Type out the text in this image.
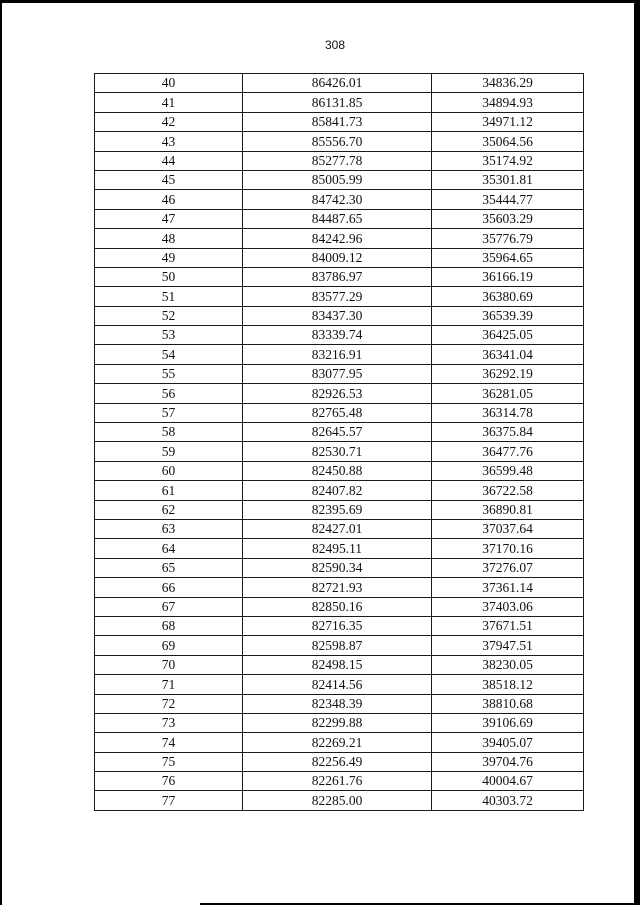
308
40	86426.01	34836.29
41	86131.85	34894.93
42	85841.73	34971.12
43	85556.70	35064.56
44	85277.78	35174.92
45	85005.99	35301.81
46	84742.30	35444.77
47	84487.65	35603.29
48	84242.96	35776.79
49	84009.12	35964.65
50	83786.97	36166.19
51	83577.29	36380.69
52	83437.30	36539.39
53	83339.74	36425.05
54	83216.91	36341.04
55	83077.95	36292.19
56	82926.53	36281.05
57	82765.48	36314.78
58	82645.57	36375.84
59	82530.71	36477.76
60	82450.88	36599.48
61	82407.82	36722.58
62	82395.69	36890.81
63	82427.01	37037.64
64	82495.11	37170.16
65	82590.34	37276.07
66	82721.93	37361.14
67	82850.16	37403.06
68	82716.35	37671.51
69	82598.87	37947.51
70	82498.15	38230.05
71	82414.56	38518.12
72	82348.39	38810.68
73	82299.88	39106.69
74	82269.21	39405.07
75	82256.49	39704.76
76	82261.76	40004.67
77	82285.00	40303.72
